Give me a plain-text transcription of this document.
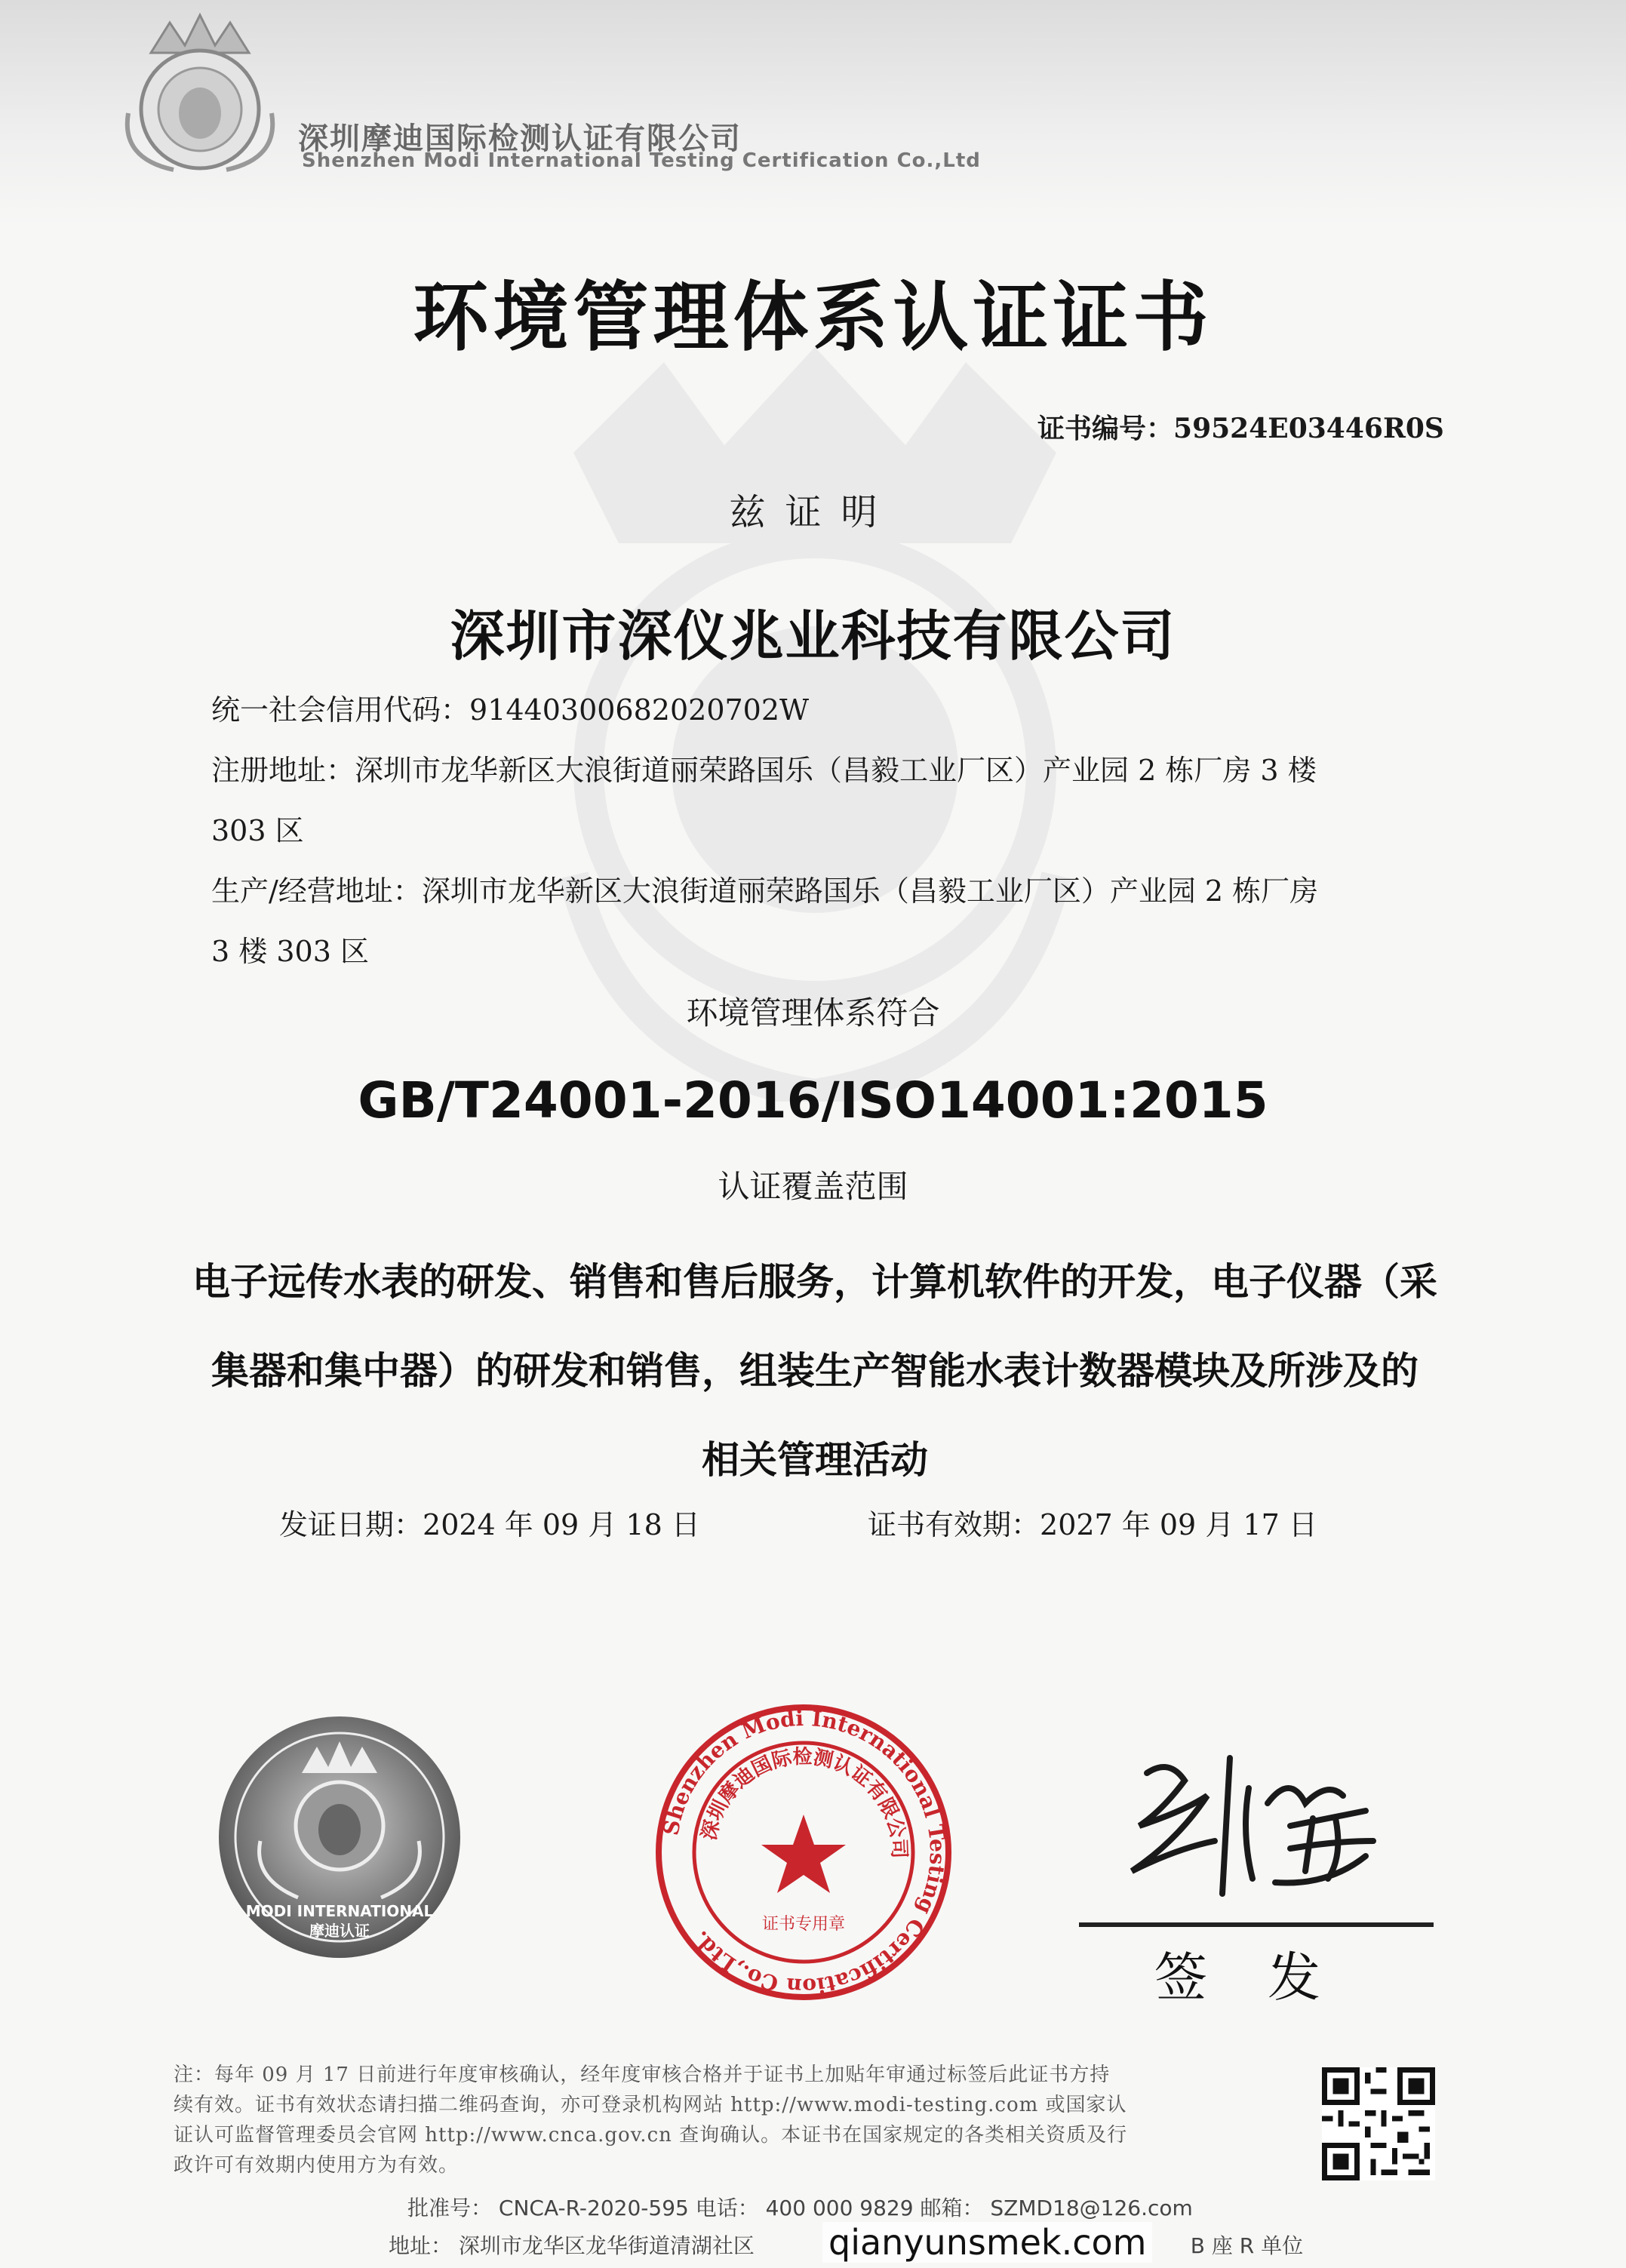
深圳摩迪国际检测认证有限公司
Shenzhen Modi International Testing Certification Co.,Ltd
环境管理体系认证证书
证书编号：59524E03446R0S
兹证明
深圳市深仪兆业科技有限公司
统一社会信用代码：91440300682020702W
注册地址：深圳市龙华新区大浪街道丽荣路国乐（昌毅工业厂区）产业园 2 栋厂房 3 楼
303 区
生产/经营地址：深圳市龙华新区大浪街道丽荣路国乐（昌毅工业厂区）产业园 2 栋厂房
3 楼 303 区
环境管理体系符合
GB/T24001-2016/ISO14001:2015
认证覆盖范围
电子远传水表的研发、销售和售后服务，计算机软件的开发，电子仪器（采
集器和集中器）的研发和销售，组装生产智能水表计数器模块及所涉及的
相关管理活动
发证日期：2024 年 09 月 18 日	证书有效期：2027 年 09 月 17 日
MODI INTERNATIONAL
摩迪认证
Shenzhen Modi International Testing Certification Co.,Ltd.
深圳摩迪国际检测认证有限公司
证书专用章
签发
注：每年 09 月 17 日前进行年度审核确认，经年度审核合格并于证书上加贴年审通过标签后此证书方持
续有效。证书有效状态请扫描二维码查询，亦可登录机构网站 http://www.modi-testing.com 或国家认
证认可监督管理委员会官网 http://www.cnca.gov.cn 查询确认。本证书在国家规定的各类相关资质及行
政许可有效期内使用方为有效。
批准号： CNCA-R-2020-595 电话： 400 000 9829 邮箱： SZMD18@126.com
地址： 深圳市龙华区龙华街道清湖社区	B 座 R 单位
qianyunsmek.com
